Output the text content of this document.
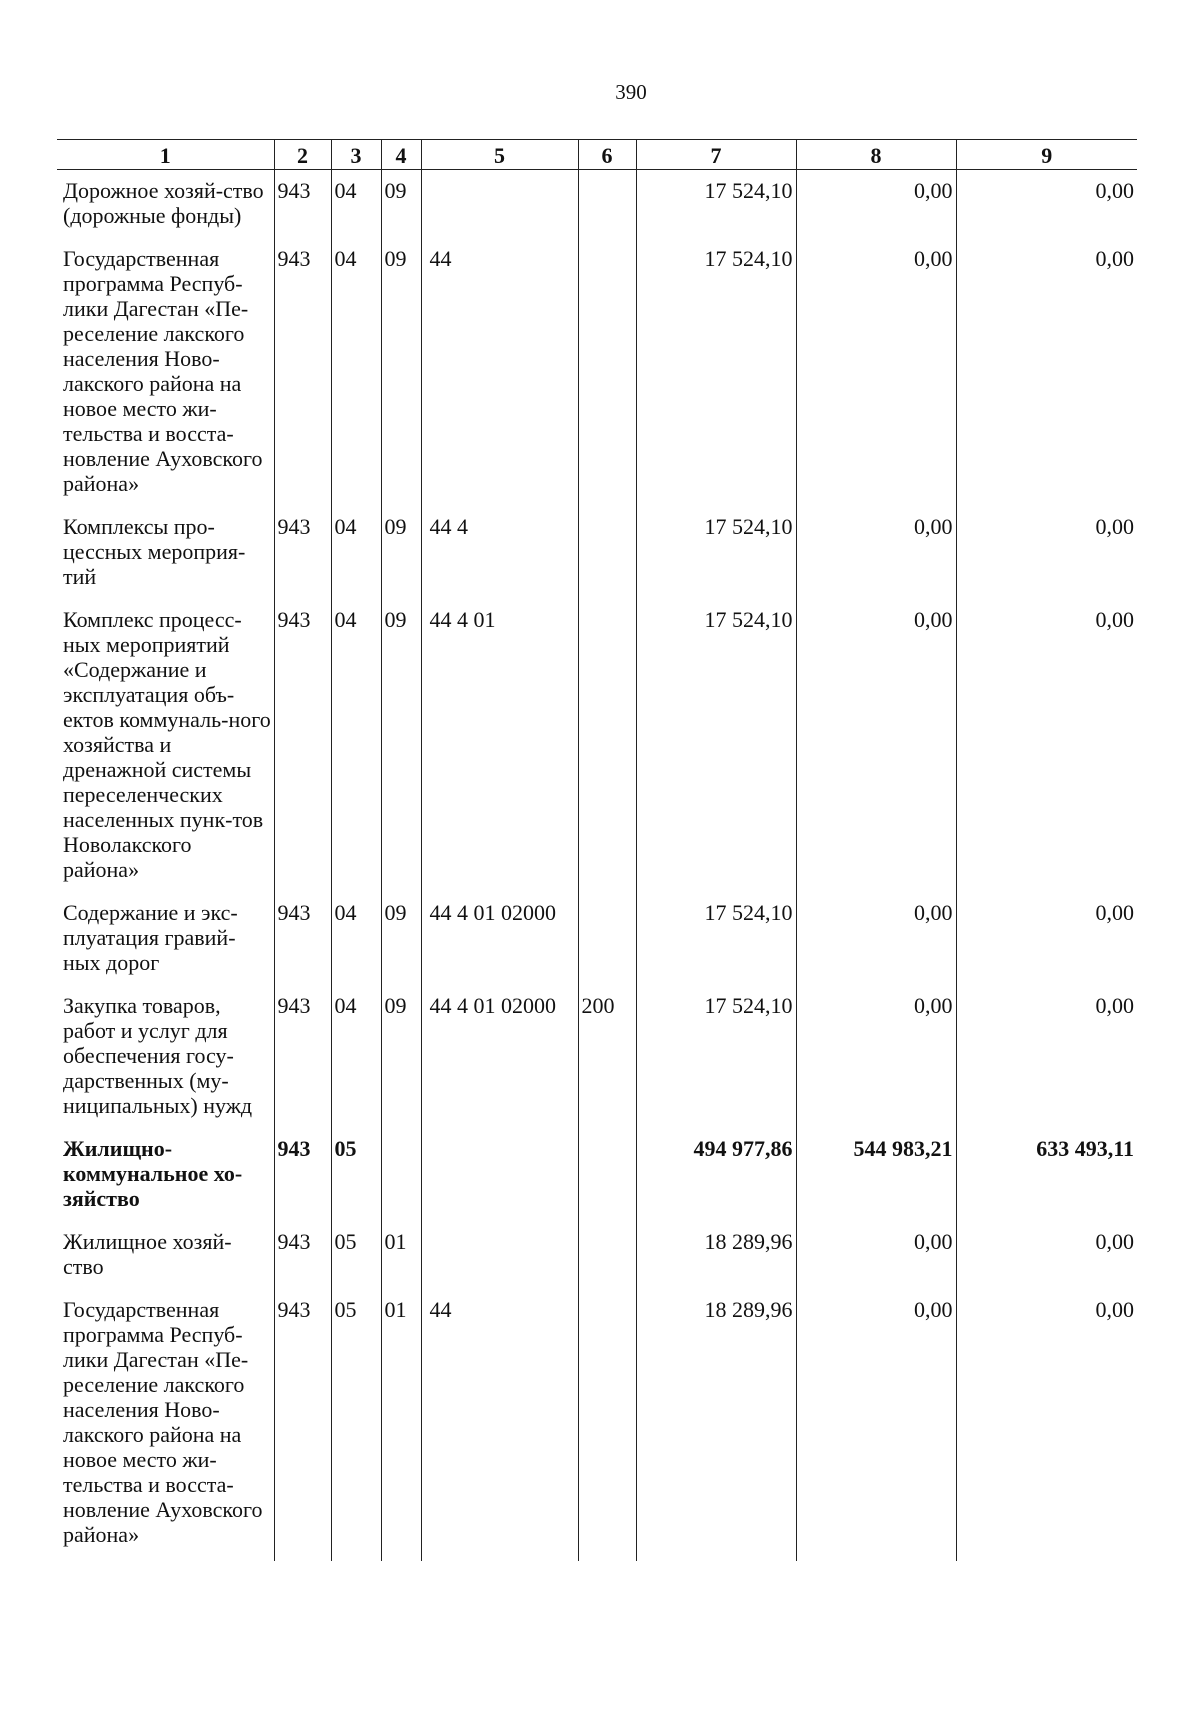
390
1	2	3	4	5	6	7	8	9
Дорожное хозяй-ство (дорожные фонды)	943	04	09			17 524,10	0,00	0,00
Государственная программа Респуб-лики Дагестан «Пе-реселение лакского населения Ново-лакского района на новое место жи-тельства и восста-новление Ауховского района»	943	04	09	44		17 524,10	0,00	0,00
Комплексы про-цессных мероприя-тий	943	04	09	44 4		17 524,10	0,00	0,00
Комплекс процесс-ных мероприятий «Содержание и эксплуатация объ-ектов коммуналь-ного хозяйства и дренажной системы переселенческих населенных пунк-тов Новолакского района»	943	04	09	44 4 01		17 524,10	0,00	0,00
Содержание и экс-плуатация гравий-ных дорог	943	04	09	44 4 01 02000		17 524,10	0,00	0,00
Закупка товаров, работ и услуг для обеспечения госу-дарственных (му-ниципальных) нужд	943	04	09	44 4 01 02000	200	17 524,10	0,00	0,00
Жилищно-коммунальное хо-зяйство	943	05				494 977,86	544 983,21	633 493,11
Жилищное хозяй-ство	943	05	01			18 289,96	0,00	0,00
Государственная программа Респуб-лики Дагестан «Пе-реселение лакского населения Ново-лакского района на новое место жи-тельства и восста-новление Ауховского района»	943	05	01	44		18 289,96	0,00	0,00
